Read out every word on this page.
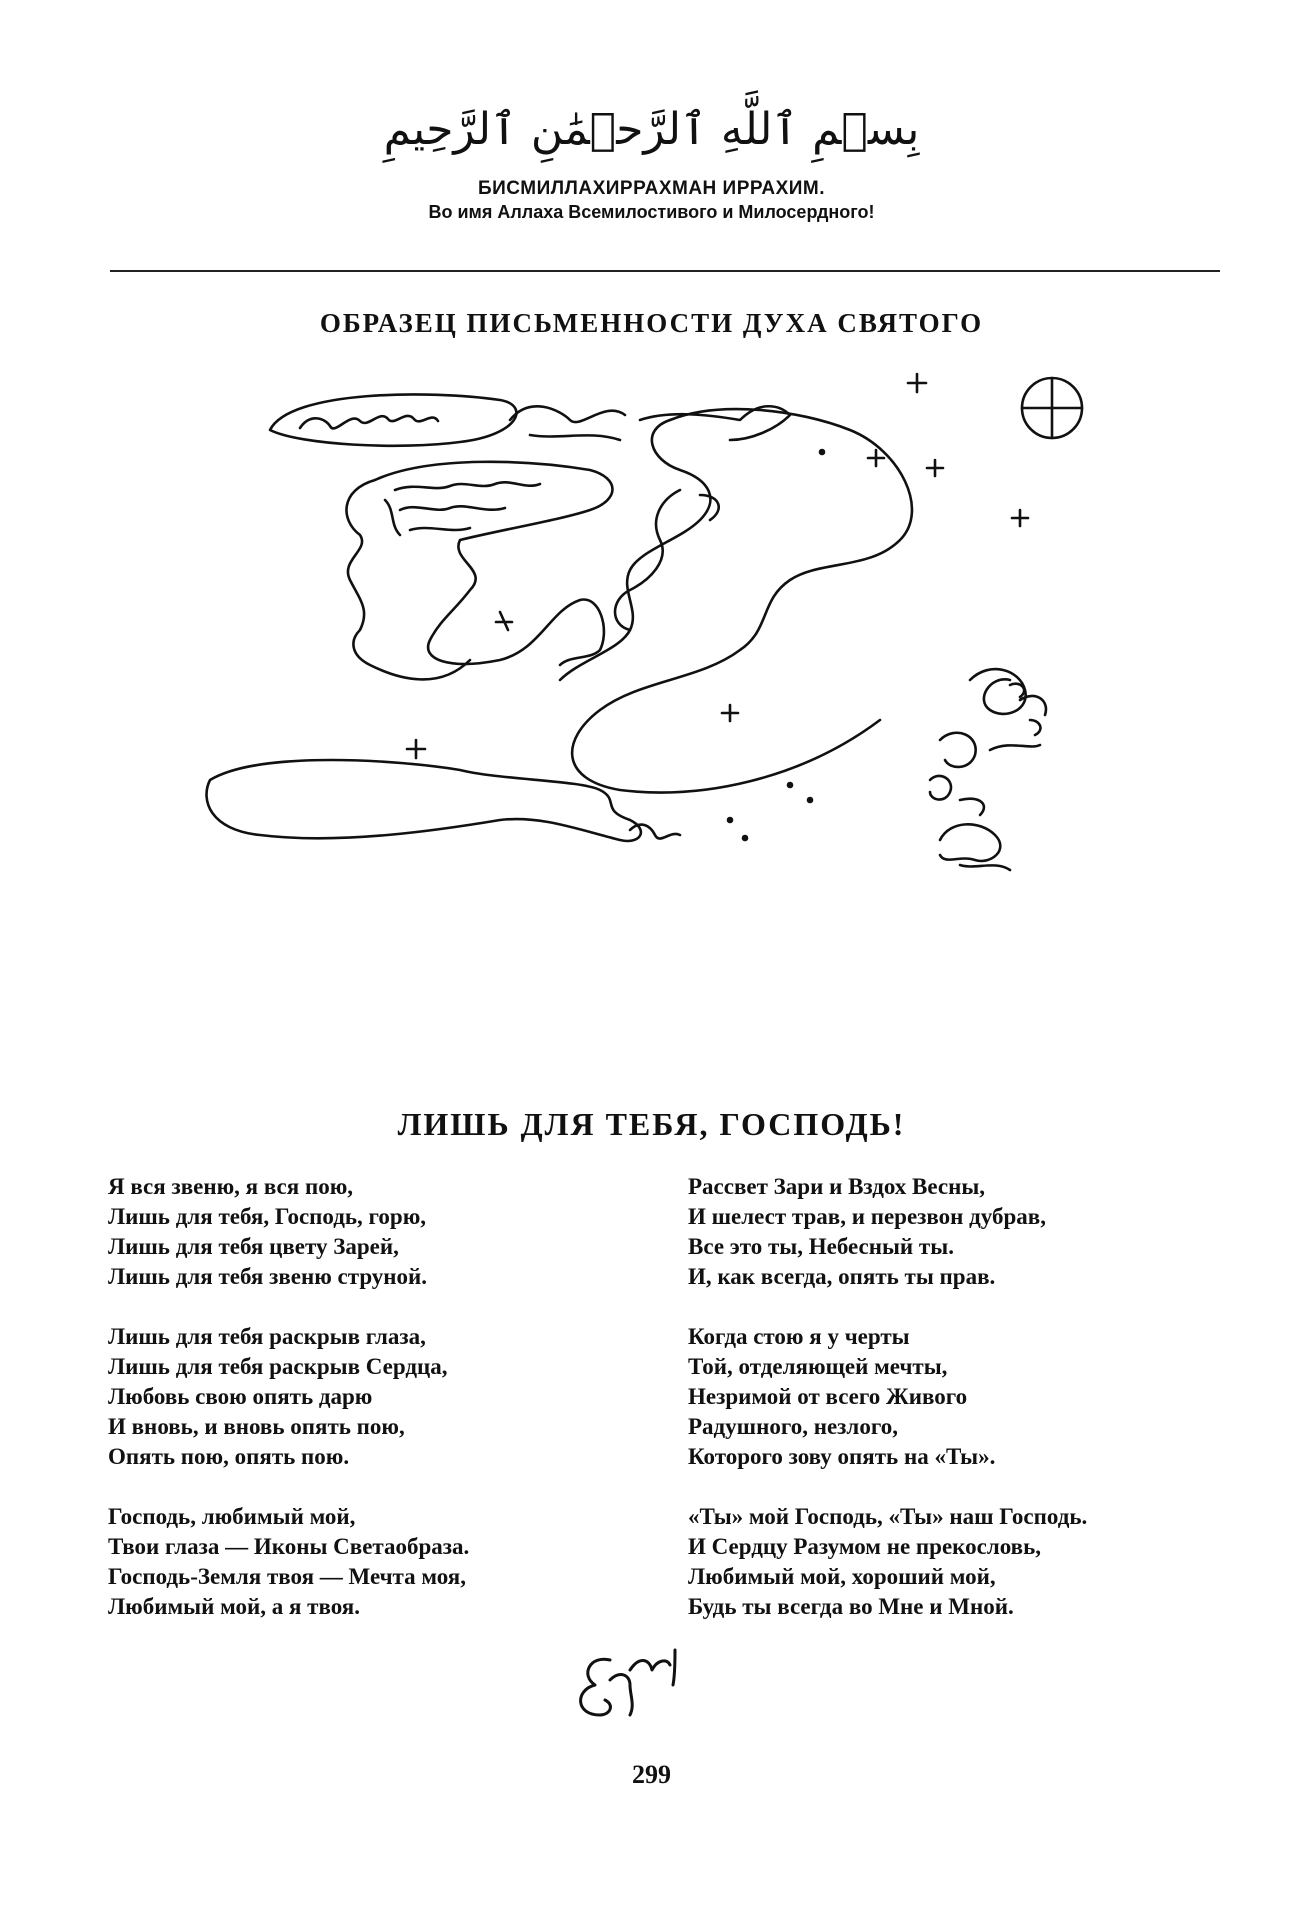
بِسۡمِ ٱللَّهِ ٱلرَّحۡمَٰنِ ٱلرَّحِيمِ
БИСМИЛЛАХИРРАХМАН ИРРАХИМ.
Во имя Аллаха Всемилостивого и Милосердного!
ОБРАЗЕЦ ПИСЬМЕННОСТИ ДУХА СВЯТОГО
ЛИШЬ ДЛЯ ТЕБЯ, ГОСПОДЬ!
Я вся звеню, я вся пою,
Лишь для тебя, Господь, горю,
Лишь для тебя цвету Зарей,
Лишь для тебя звеню струной.
Лишь для тебя раскрыв глаза,
Лишь для тебя раскрыв Сердца,
Любовь свою опять дарю
И вновь, и вновь опять пою,
Опять пою, опять пою.
Господь, любимый мой,
Твои глаза — Иконы Светаобраза.
Господь-Земля твоя — Мечта моя,
Любимый мой, а я твоя.
Рассвет Зари и Вздох Весны,
И шелест трав, и перезвон дубрав,
Все это ты, Небесный ты.
И, как всегда, опять ты прав.
Когда стою я у черты
Той, отделяющей мечты,
Незримой от всего Живого
Радушного, незлого,
Которого зову опять на «Ты».
«Ты» мой Господь, «Ты» наш Господь.
И Сердцу Разумом не прекословь,
Любимый мой, хороший мой,
Будь ты всегда во Мне и Мной.
299
